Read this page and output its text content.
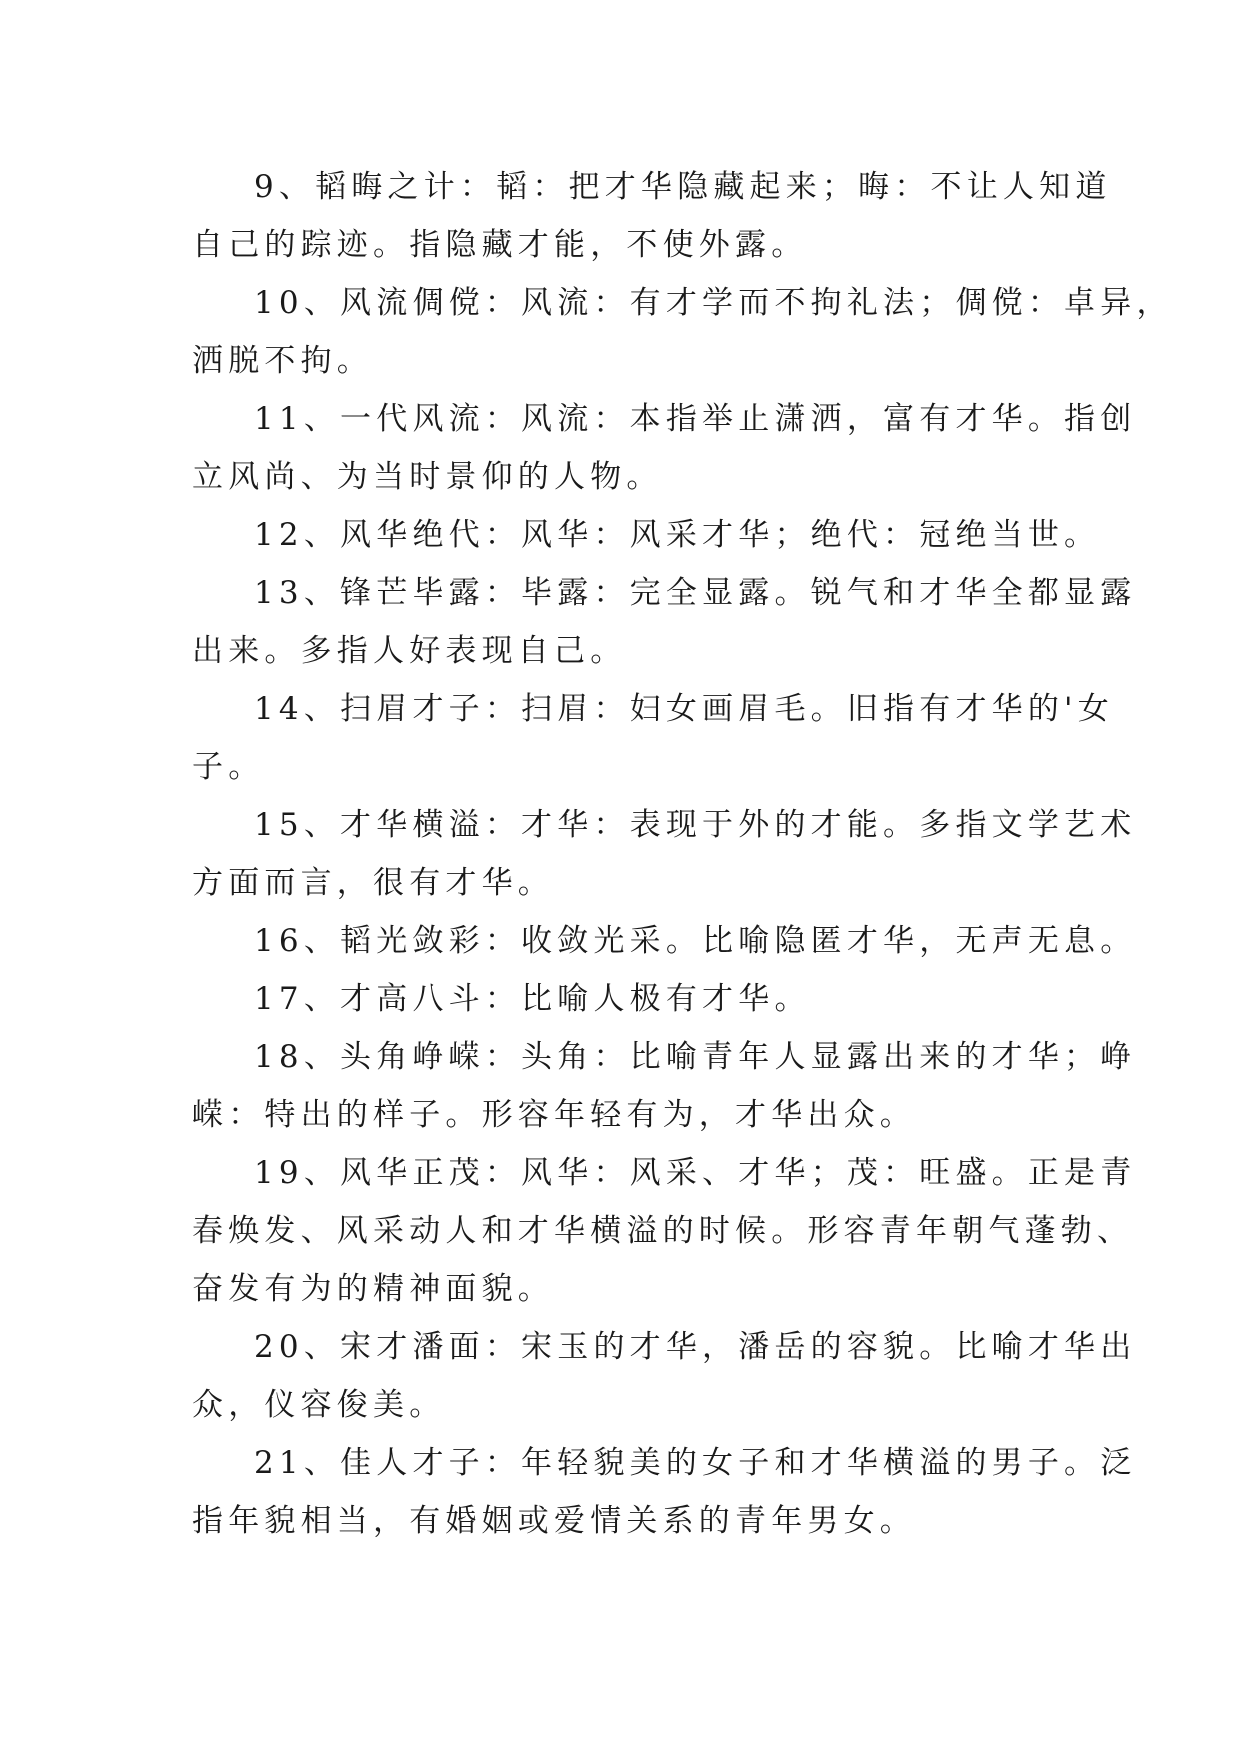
9、韬晦之计：韬：把才华隐藏起来；晦：不让人知道
自己的踪迹。指隐藏才能，不使外露。
10、风流倜傥：风流：有才学而不拘礼法；倜傥：卓异，
洒脱不拘。
11、一代风流：风流：本指举止潇洒，富有才华。指创
立风尚、为当时景仰的人物。
12、风华绝代：风华：风采才华；绝代：冠绝当世。
13、锋芒毕露：毕露：完全显露。锐气和才华全都显露
出来。多指人好表现自己。
14、扫眉才子：扫眉：妇女画眉毛。旧指有才华的'女
子。
15、才华横溢：才华：表现于外的才能。多指文学艺术
方面而言，很有才华。
16、韬光敛彩：收敛光采。比喻隐匿才华，无声无息。
17、才高八斗：比喻人极有才华。
18、头角峥嵘：头角：比喻青年人显露出来的才华；峥
嵘：特出的样子。形容年轻有为，才华出众。
19、风华正茂：风华：风采、才华；茂：旺盛。正是青
春焕发、风采动人和才华横溢的时候。形容青年朝气蓬勃、
奋发有为的精神面貌。
20、宋才潘面：宋玉的才华，潘岳的容貌。比喻才华出
众，仪容俊美。
21、佳人才子：年轻貌美的女子和才华横溢的男子。泛
指年貌相当，有婚姻或爱情关系的青年男女。
